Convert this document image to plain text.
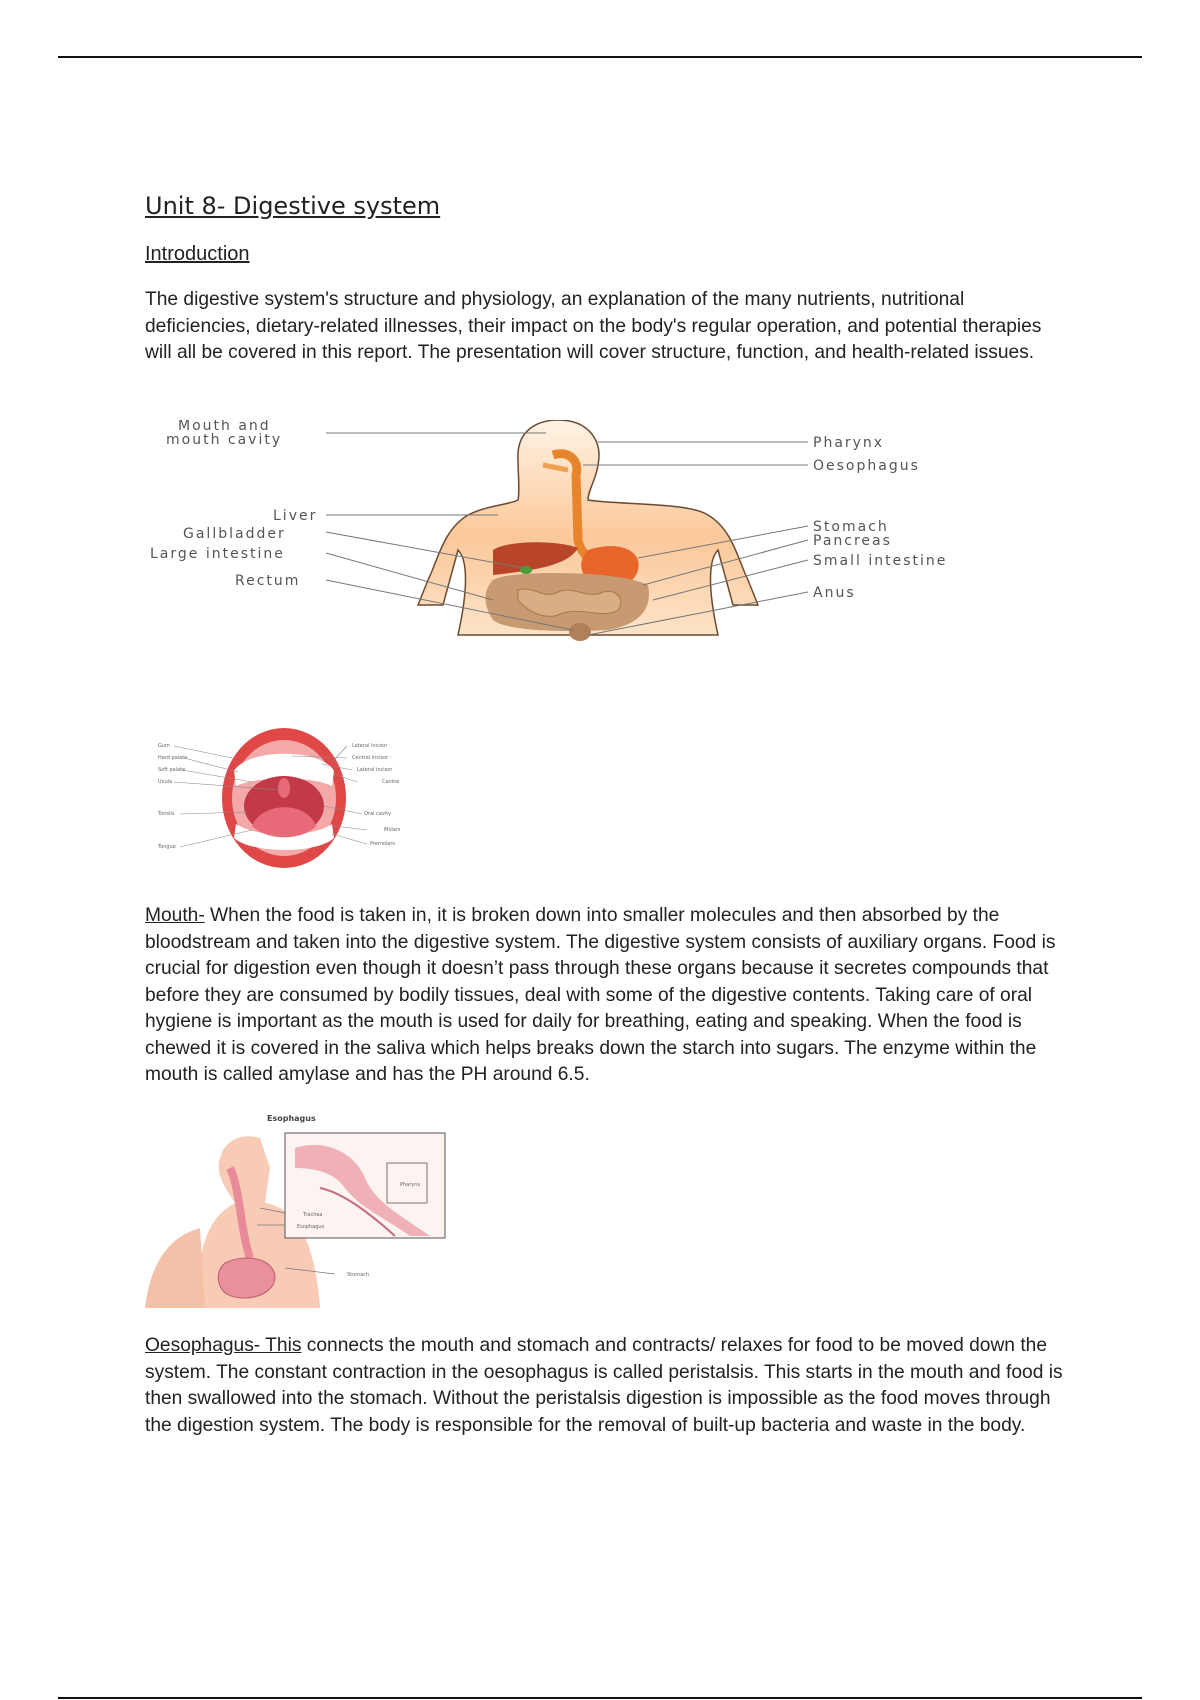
Unit 8- Digestive system
Introduction

The digestive system's structure and physiology, an explanation of the many nutrients, nutritional deficiencies, dietary-related illnesses, their impact on the body's regular operation, and potential therapies will all be covered in this report. The presentation will cover structure, function, and health-related issues.

Mouth and
mouth cavity
Liver
Gallbladder
Large intestine
Rectum
Pharynx
Oesophagus
Stomach
Pancreas
Small intestine
Anus
Gum
Hard palate
Soft palate
Uvula
Tonsils
Tongue
Lateral incisor
Central incisor
Lateral incisor
Canine
Oral cavity
Molars
Premolars

Mouth- When the food is taken in, it is broken down into smaller molecules and then absorbed by the bloodstream and taken into the digestive system. The digestive system consists of auxiliary organs. Food is crucial for digestion even though it doesn’t pass through these organs because it secretes compounds that before they are consumed by bodily tissues, deal with some of the digestive contents. Taking care of oral hygiene is important as the mouth is used for daily for breathing, eating and speaking. When the food is chewed it is covered in the saliva which helps breaks down the starch into sugars. The enzyme within the mouth is called amylase and has the PH around 6.5.

Esophagus
Pharynx
Trachea
Esophagus
Stomach

Oesophagus- This connects the mouth and stomach and contracts/ relaxes for food to be moved down the system. The constant contraction in the oesophagus is called peristalsis. This starts in the mouth and food is then swallowed into the stomach. Without the peristalsis digestion is impossible as the food moves through the digestion system. The body is responsible for the removal of built-up bacteria and waste in the body.
